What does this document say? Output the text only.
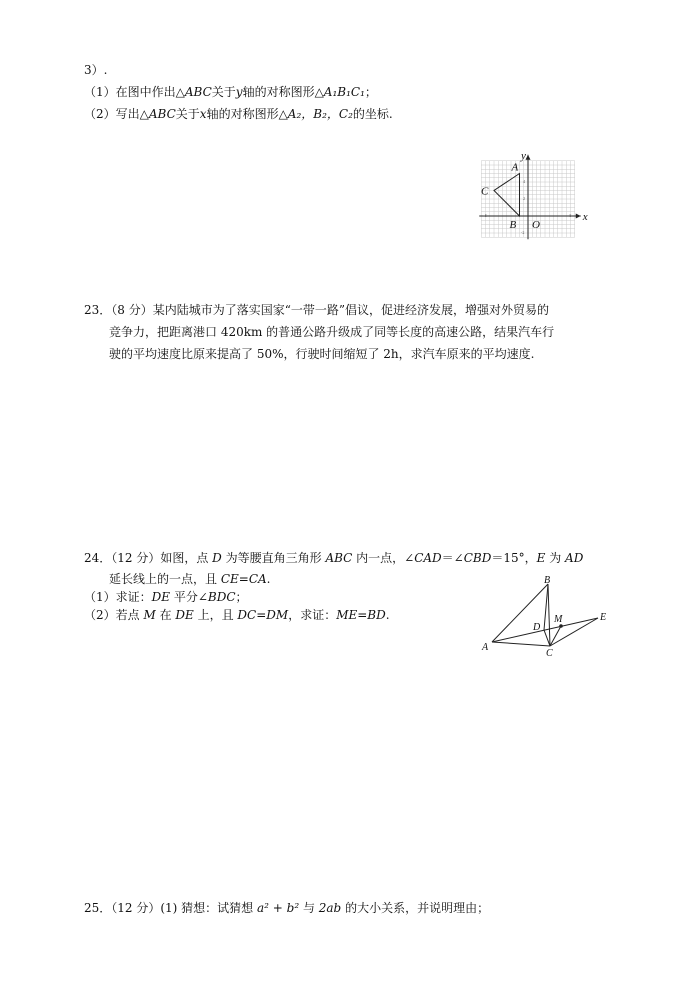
3）.
（1）在图中作出△ABC关于y轴的对称图形△A₁B₁C₁；
（2）写出△ABC关于x轴的对称图形△A₂，B₂，C₂的坐标.
A
B
C
O
x
y
-5	5
4
2
-2
23．（8 分）某内陆城市为了落实国家“一带一路”倡议，促进经济发展，增强对外贸易的
竞争力，把距离港口 420km 的普通公路升级成了同等长度的高速公路，结果汽车行
驶的平均速度比原来提高了 50%，行驶时间缩短了 2h，求汽车原来的平均速度.
24．（12 分）如图，点 D 为等腰直角三角形 ABC 内一点，∠CAD＝∠CBD＝15°，E 为 AD
延长线上的一点，且 CE=CA.
（1）求证：DE 平分∠BDC；
（2）若点 M 在 DE 上，且 DC=DM，求证：ME=BD.
A
B
C
D
M	E
25．（12 分）(1) 猜想：试猜想 a² + b² 与 2ab 的大小关系，并说明理由；
